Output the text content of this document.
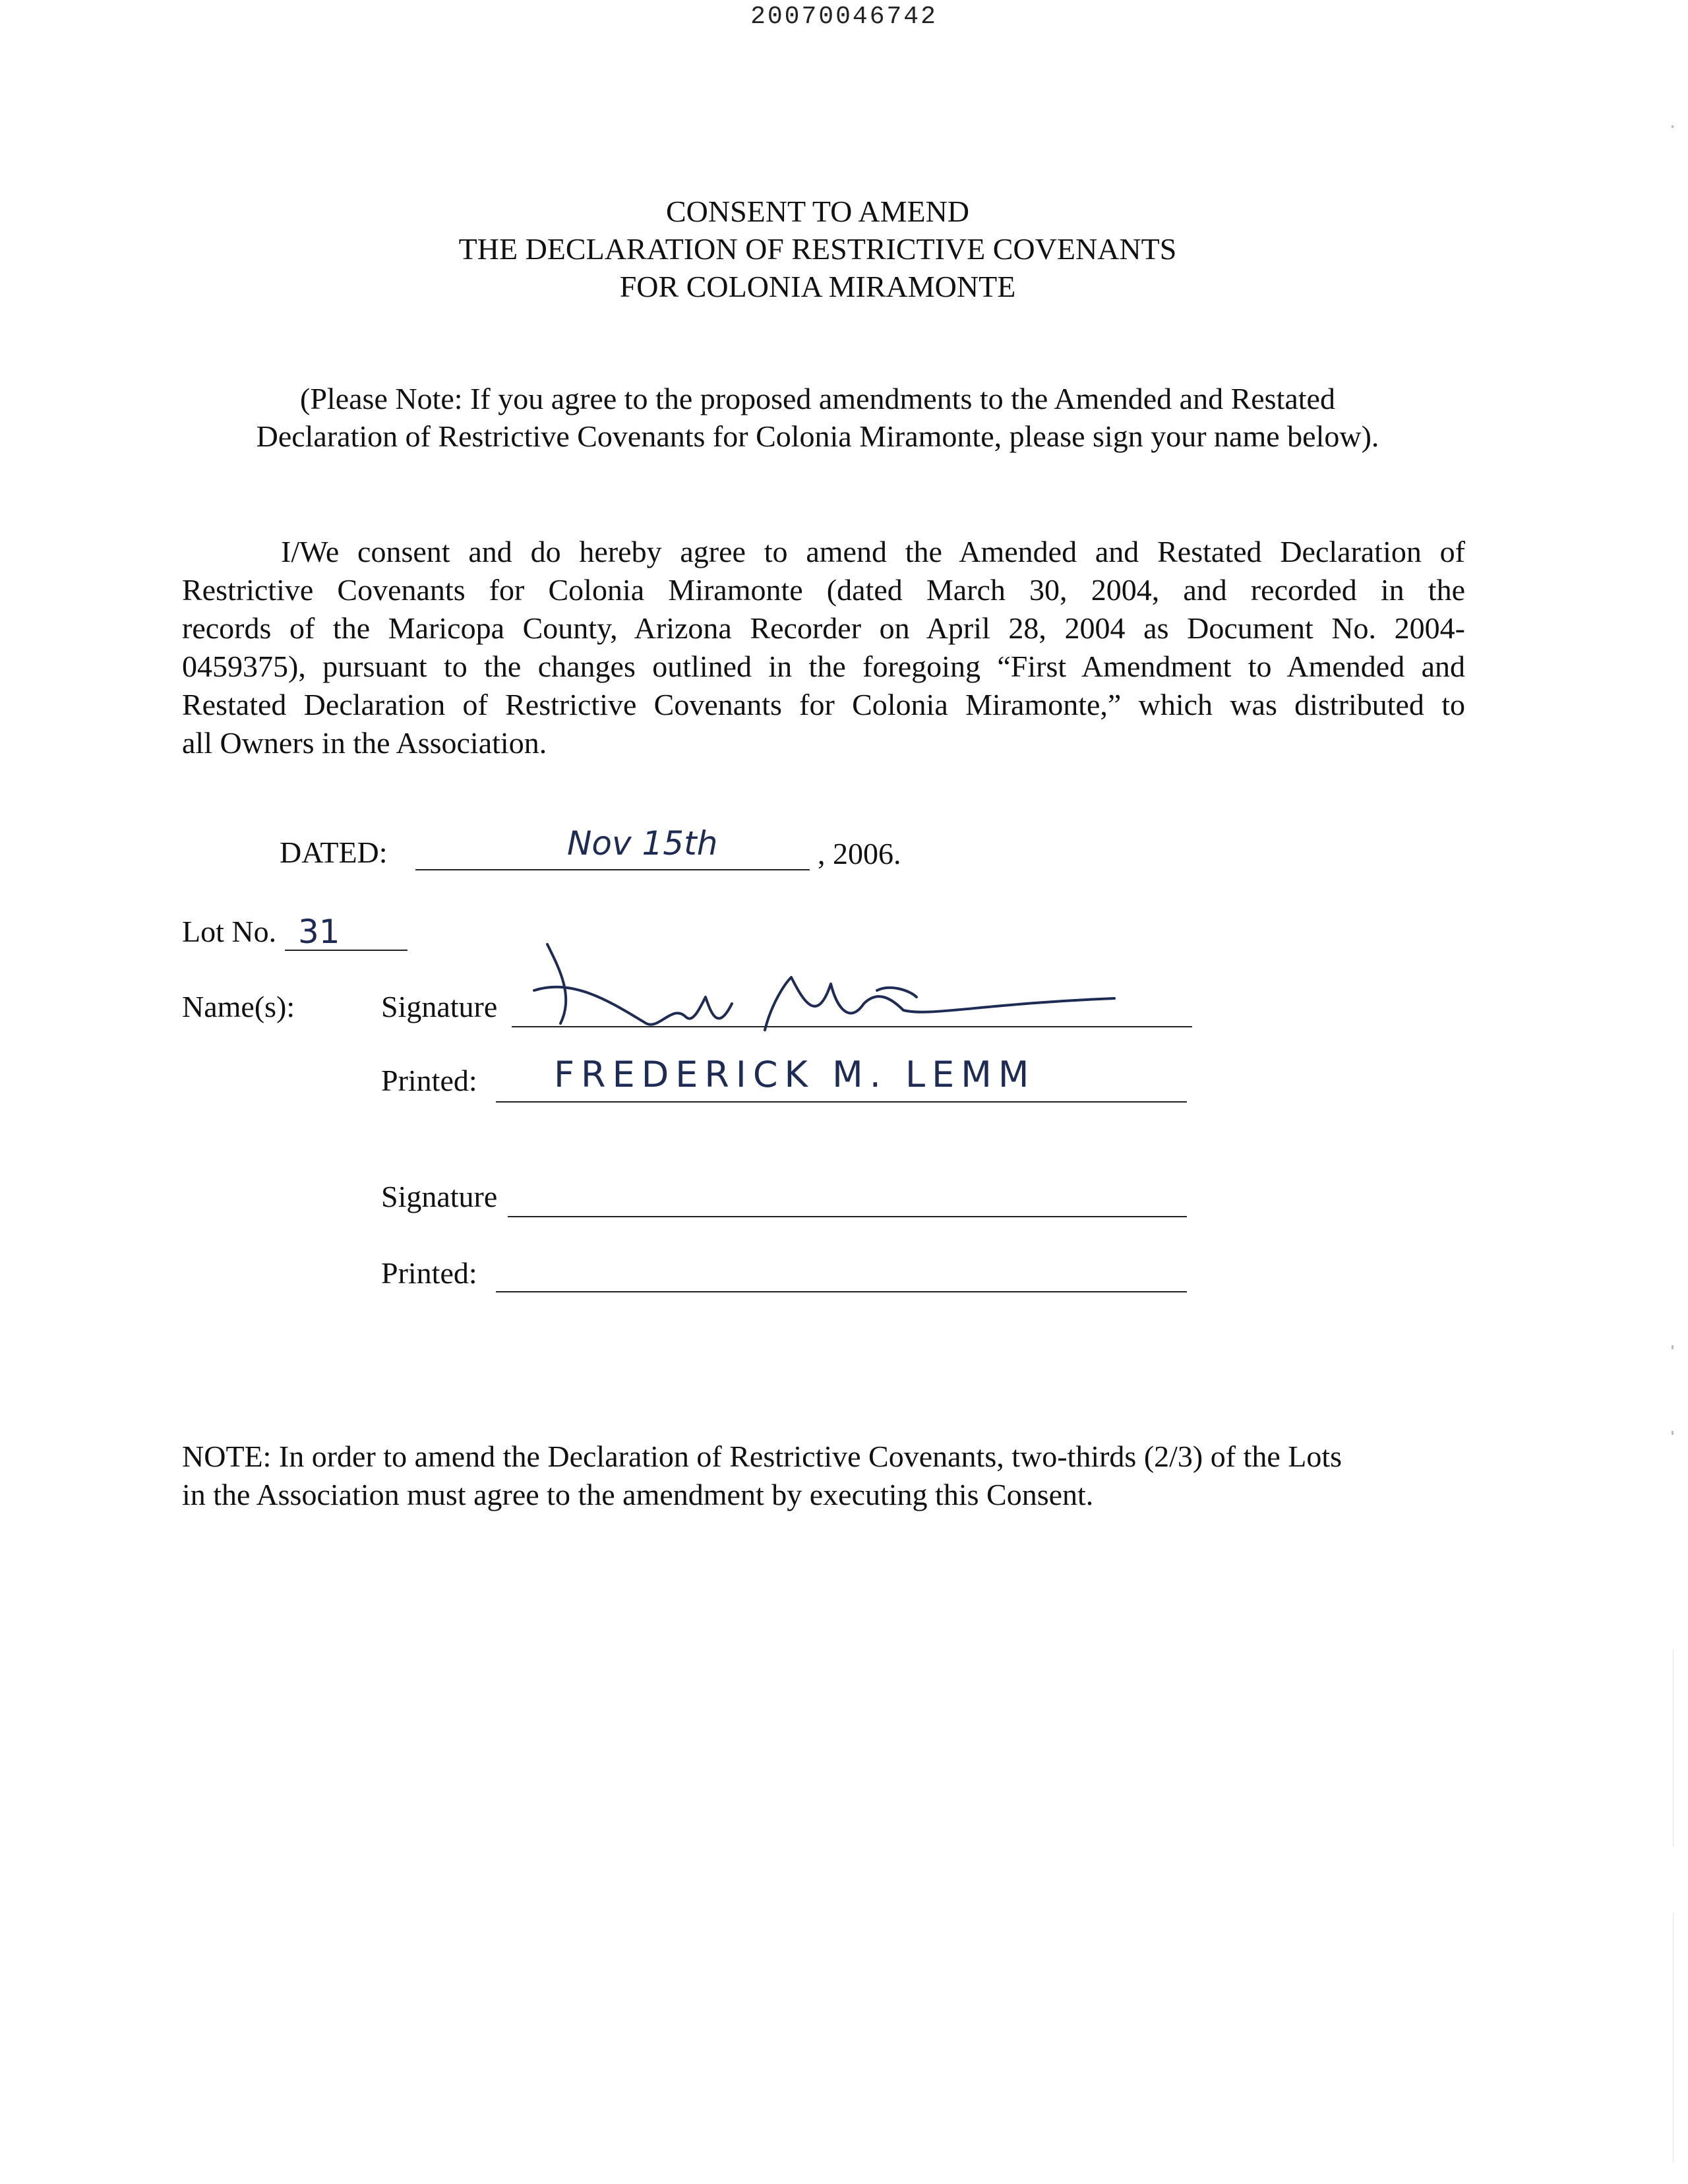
20070046742
CONSENT TO AMEND
THE DECLARATION OF RESTRICTIVE COVENANTS
FOR COLONIA MIRAMONTE
(Please Note: If you agree to the proposed amendments to the Amended and Restated
Declaration of Restrictive Covenants for Colonia Miramonte, please sign your name below).
I/We consent and do hereby agree to amend the Amended and Restated Declaration of
Restrictive Covenants for Colonia Miramonte (dated March 30, 2004, and recorded in the
records of the Maricopa County, Arizona Recorder on April 28, 2004 as Document No. 2004-
0459375), pursuant to the changes outlined in the foregoing “First Amendment to Amended and
Restated Declaration of Restrictive Covenants for Colonia Miramonte,” which was distributed to
all Owners in the Association.
DATED:	Nov 15th	, 2006.
Lot No. 31
Name(s):	Signature
Printed: FREDERICK M. LEMM
Signature
Printed:
NOTE: In order to amend the Declaration of Restrictive Covenants, two-thirds (2/3) of the Lots
in the Association must agree to the amendment by executing this Consent.
